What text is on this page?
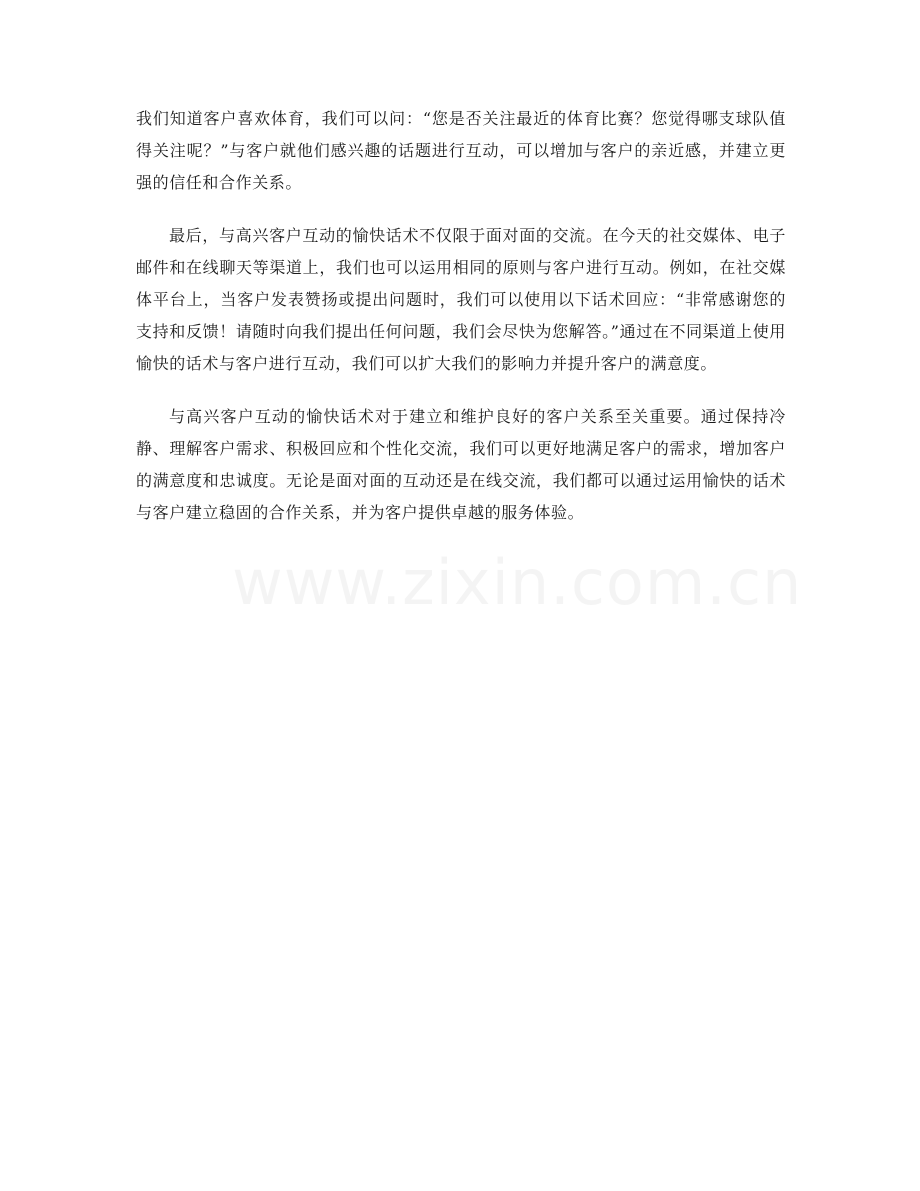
我们知道客户喜欢体育，我们可以问：“您是否关注最近的体育比赛？您觉得哪支球队值得关注呢？”与客户就他们感兴趣的话题进行互动，可以增加与客户的亲近感，并建立更强的信任和合作关系。

最后，与高兴客户互动的愉快话术不仅限于面对面的交流。在今天的社交媒体、电子邮件和在线聊天等渠道上，我们也可以运用相同的原则与客户进行互动。例如，在社交媒体平台上，当客户发表赞扬或提出问题时，我们可以使用以下话术回应：“非常感谢您的支持和反馈！请随时向我们提出任何问题，我们会尽快为您解答。”通过在不同渠道上使用愉快的话术与客户进行互动，我们可以扩大我们的影响力并提升客户的满意度。

与高兴客户互动的愉快话术对于建立和维护良好的客户关系至关重要。通过保持冷静、理解客户需求、积极回应和个性化交流，我们可以更好地满足客户的需求，增加客户的满意度和忠诚度。无论是面对面的互动还是在线交流，我们都可以通过运用愉快的话术与客户建立稳固的合作关系，并为客户提供卓越的服务体验。
